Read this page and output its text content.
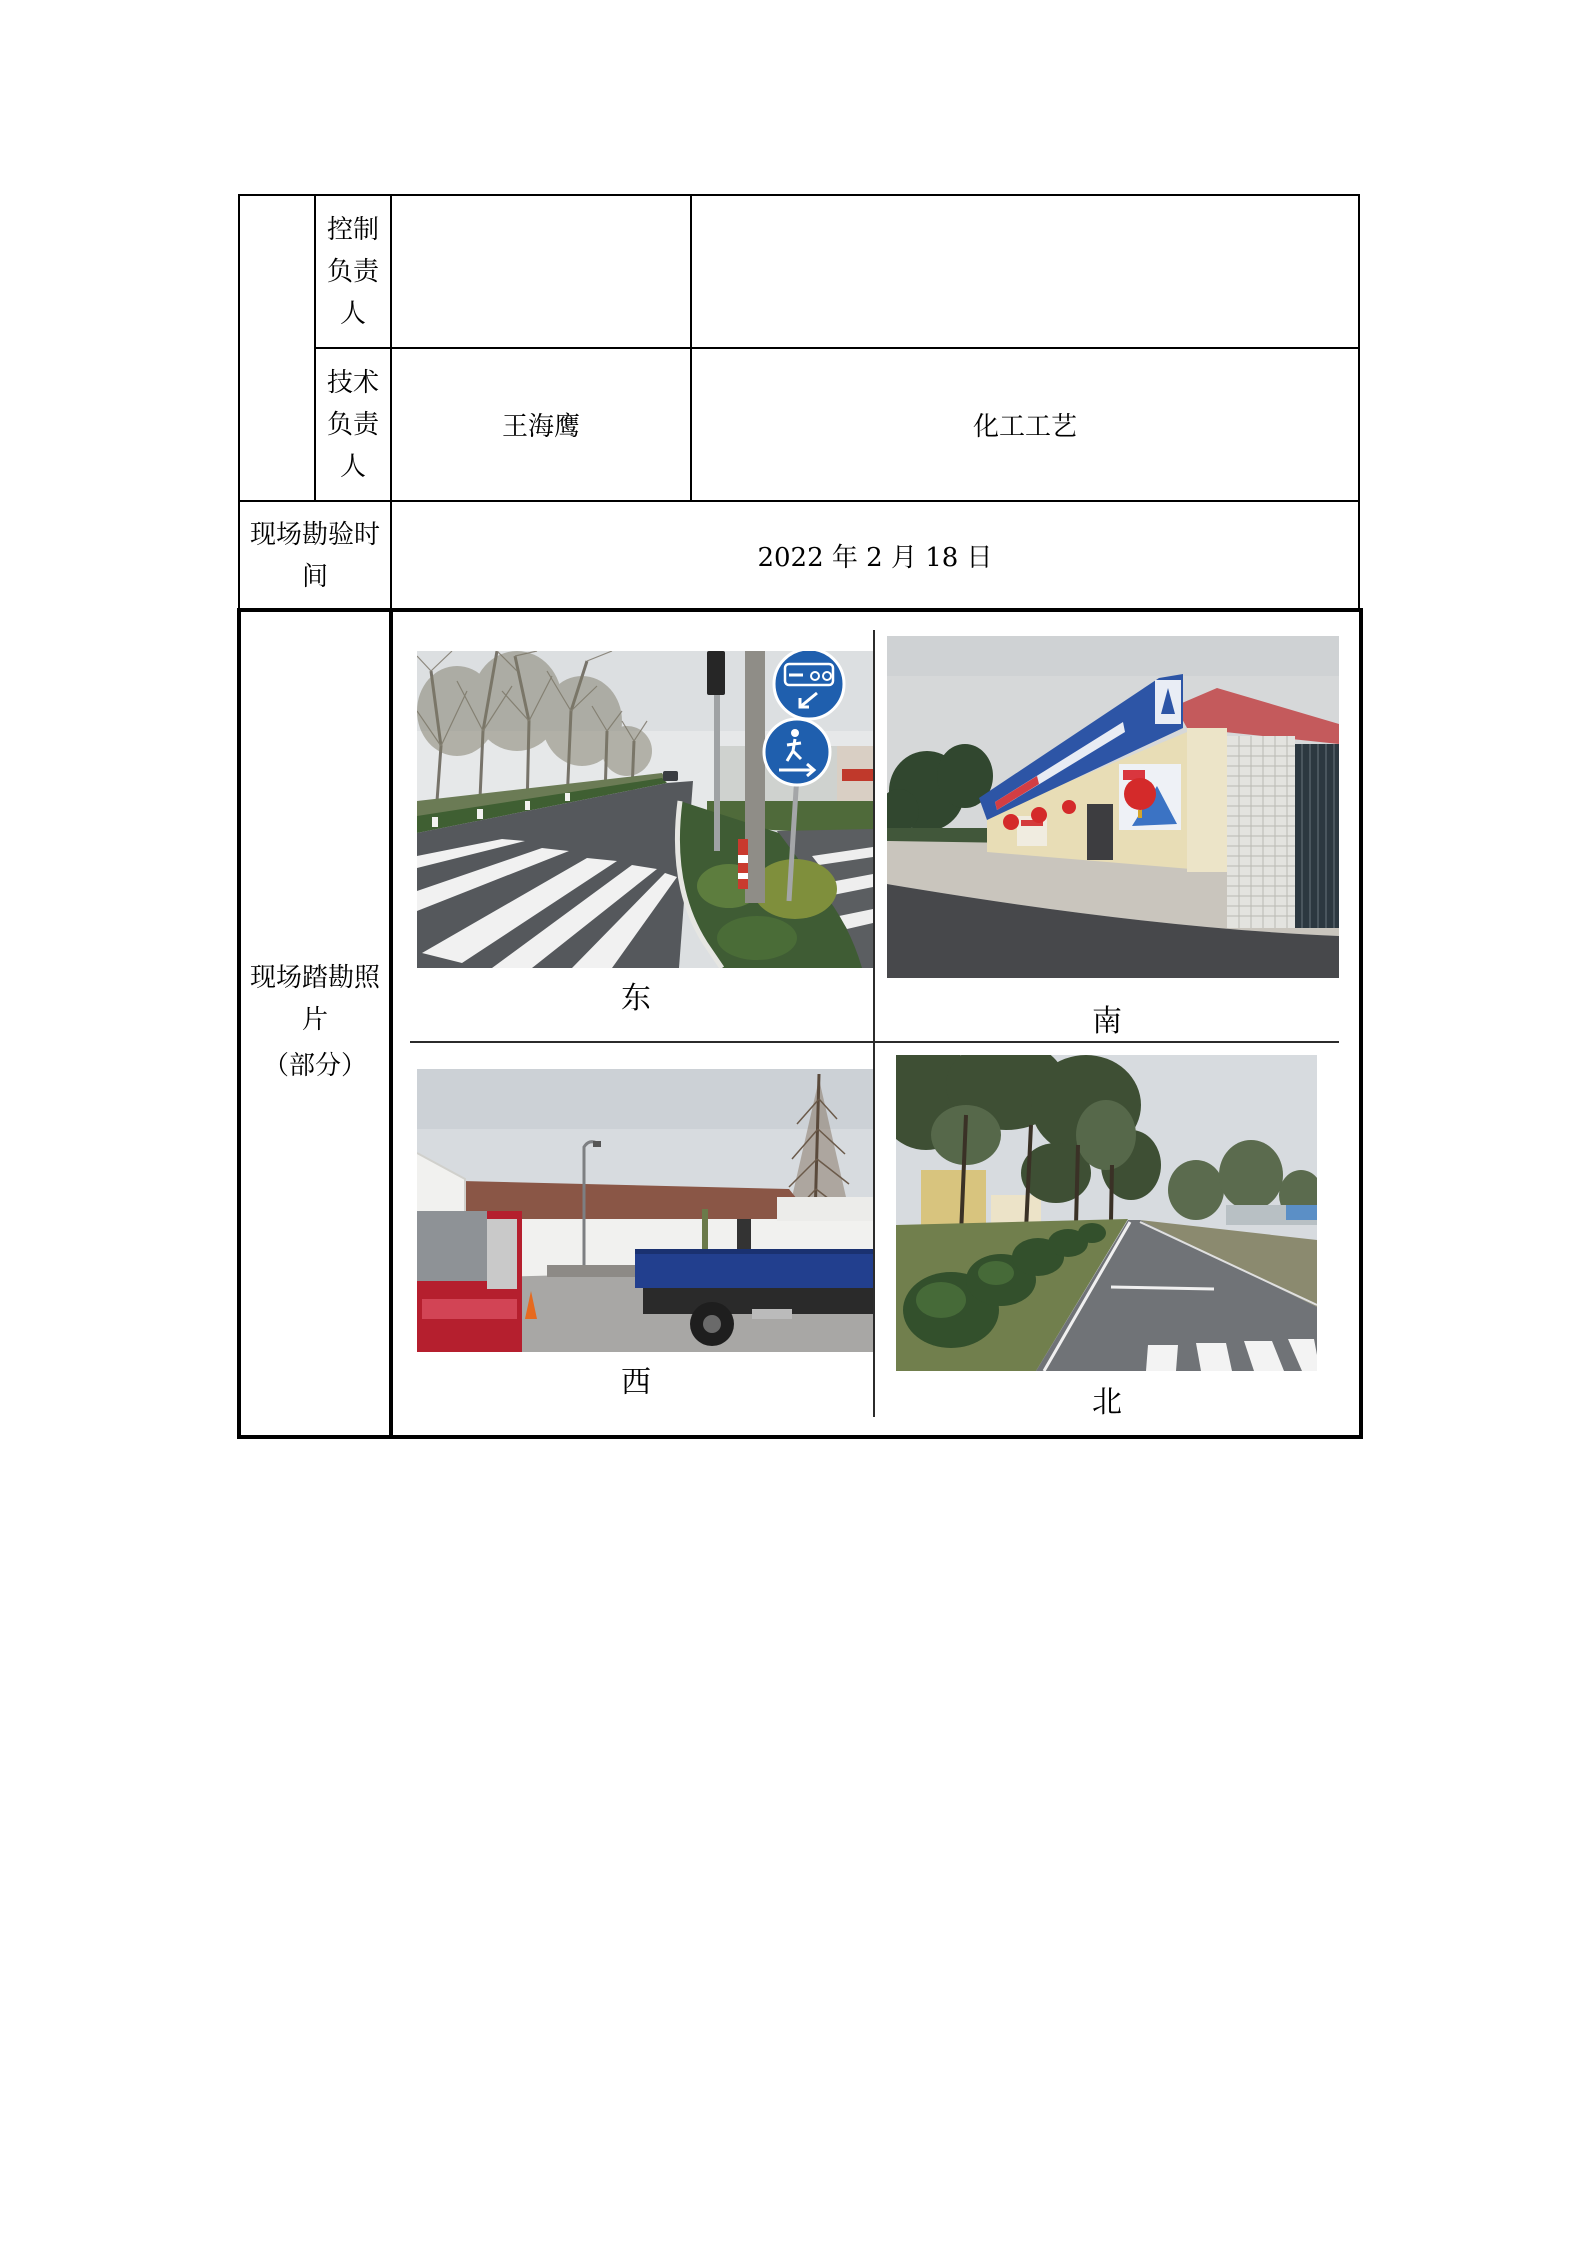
控制负责人
技术负责人
王海鹰	化工工艺
现场勘验时间
2022 年 2 月 18 日
现场踏勘照片
（部分）
东
南
西
北
